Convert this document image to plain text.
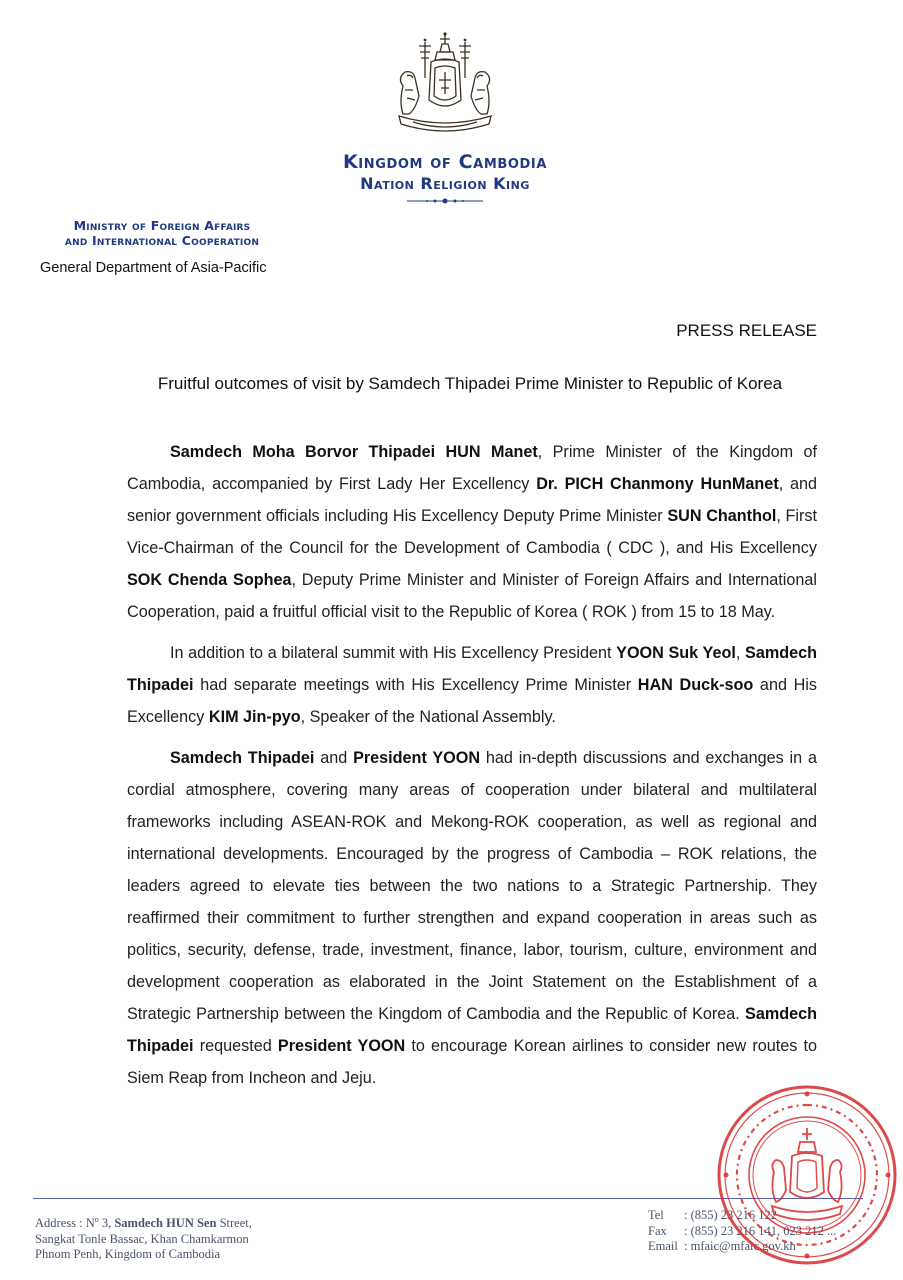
Kingdom of Cambodia
Nation Religion King
Ministry of Foreign Affairs
and International Cooperation
General Department of Asia-Pacific
PRESS RELEASE
Fruitful outcomes of visit by Samdech Thipadei Prime Minister to Republic of Korea

Samdech Moha Borvor Thipadei HUN Manet, Prime Minister of the Kingdom of Cambodia, accompanied by First Lady Her Excellency Dr. PICH Chanmony HunManet, and senior government officials including His Excellency Deputy Prime Minister SUN Chanthol, First Vice-Chairman of the Council for the Development of Cambodia ( CDC ), and His Excellency SOK Chenda Sophea, Deputy Prime Minister and Minister of Foreign Affairs and International Cooperation, paid a fruitful official visit to the Republic of Korea ( ROK ) from 15 to 18 May.

In addition to a bilateral summit with His Excellency President YOON Suk Yeol, Samdech Thipadei had separate meetings with His Excellency Prime Minister HAN Duck-soo and His Excellency KIM Jin-pyo, Speaker of the National Assembly.

Samdech Thipadei and President YOON had in-depth discussions and exchanges in a cordial atmosphere, covering many areas of cooperation under bilateral and multilateral frameworks including ASEAN-ROK and Mekong-ROK cooperation, as well as regional and international developments. Encouraged by the progress of Cambodia – ROK relations, the leaders agreed to elevate ties between the two nations to a Strategic Partnership. They reaffirmed their commitment to further strengthen and expand cooperation in areas such as politics, security, defense, trade, investment, finance, labor, tourism, culture, environment and development cooperation as elaborated in the Joint Statement on the Establishment of a Strategic Partnership between the Kingdom of Cambodia and the Republic of Korea. Samdech Thipadei requested President YOON to encourage Korean airlines to consider new routes to Siem Reap from Incheon and Jeju.

Address : $N^o$ 3, Samdech HUN Sen Street,
Sangkat Tonle Bassac, Khan Chamkarmon
Phnom Penh, Kingdom of Cambodia
Tel : (855) 23 216 122
Fax : (855) 23 216 141, 023 212 ...
Email : mfaic@mfaic.gov.kh
